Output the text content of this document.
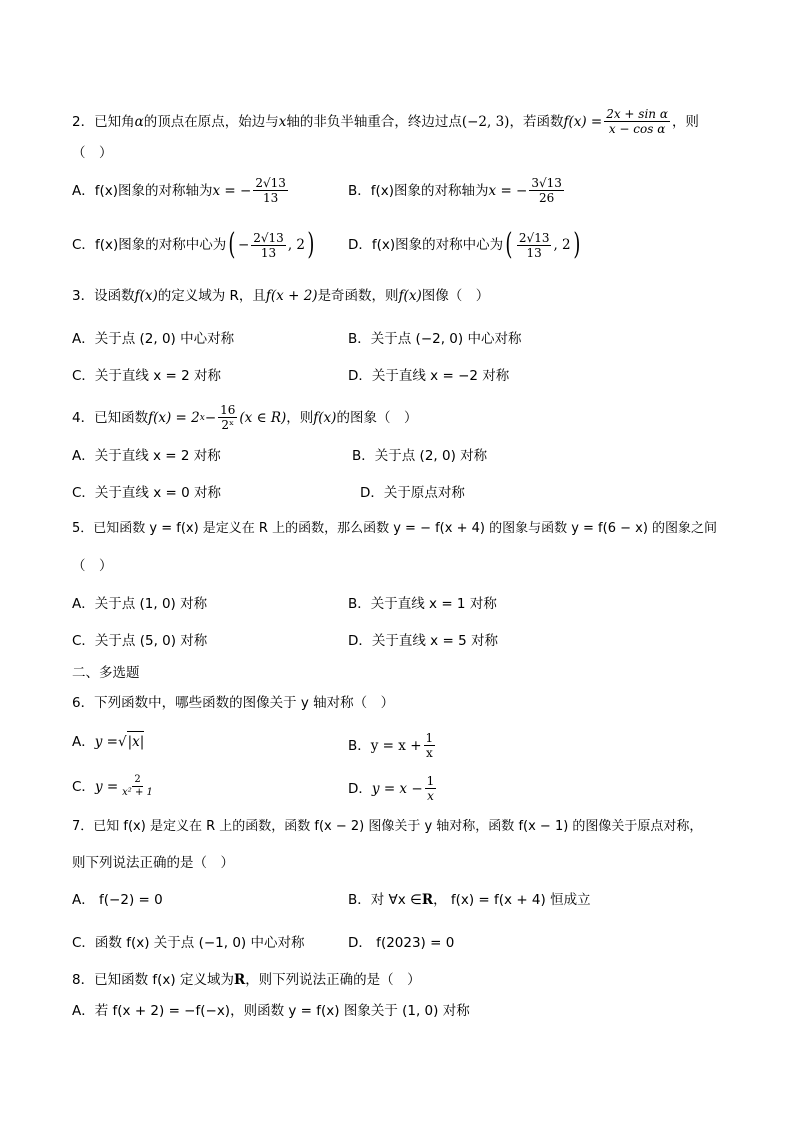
2．已知角 α 的顶点在原点，始边与 x 轴的非负半轴重合，终边过点 (−2, 3) ，若函数 $f(x) = \frac{\text{2x + sin α}}{\text{x − cos α}}$ ，则
（　）
A． f(x)图象的对称轴为 x = − $\frac{2√13}{13}$	B． f(x)图象的对称轴为 x = − $\frac{3√13}{26}$
C． f(x)图象的对称中心为 ( − $\frac{2√13}{13}$ , 2 ) D． f(x)图象的对称中心为 ( $\frac{2√13}{13}$ , 2 )
3．设函数 f(x) 的定义域为 R，且 f(x + 2) 是奇函数，则 f(x) 图像（　）
A．关于点 (2, 0) 中心对称	B．关于点 (−2, 0) 中心对称
C．关于直线 x = 2 对称	D．关于直线 x = −2 对称
4．已知函数 f(x) = 2 $x - \frac{16}{\text{2ˣ}} (x$ ∈ R) ，则 f(x) 的图象（　）
A．关于直线 x = 2 对称	B．关于点 (2, 0) 对称
C．关于直线 x = 0 对称	D．关于原点对称
5．已知函数 y = f(x) 是定义在 R 上的函数，那么函数 y = − f(x + 4) 的图象与函数 y = f(6 − x) 的图象之间
（　）
A．关于点 (1, 0) 对称	B．关于直线 x = 1 对称
C．关于点 (5, 0) 对称	D．关于直线 x = 5 对称
二、多选题
6．下列函数中，哪些函数的图像关于 y 轴对称（　）
A． y = √ |x|	B． $y = x + \frac{1}{x}$
C． $y = \frac{2}{\text{x² + 1}}$	D． $y = x - \frac{1}{x}$
7．已知 f(x) 是定义在 R 上的函数，函数 f(x − 2) 图像关于 y 轴对称，函数 f(x − 1) 的图像关于原点对称，
则下列说法正确的是（　）
A． f(−2) = 0	B．对 ∀x ∈ R ， f(x) = f(x + 4) 恒成立
C．函数 f(x) 关于点 (−1, 0) 中心对称	D． f(2023) = 0
8．已知函数 f(x) 定义域为 R ，则下列说法正确的是（　）
A．若 f(x + 2) = −f(−x)，则函数 y = f(x) 图象关于 (1, 0) 对称
